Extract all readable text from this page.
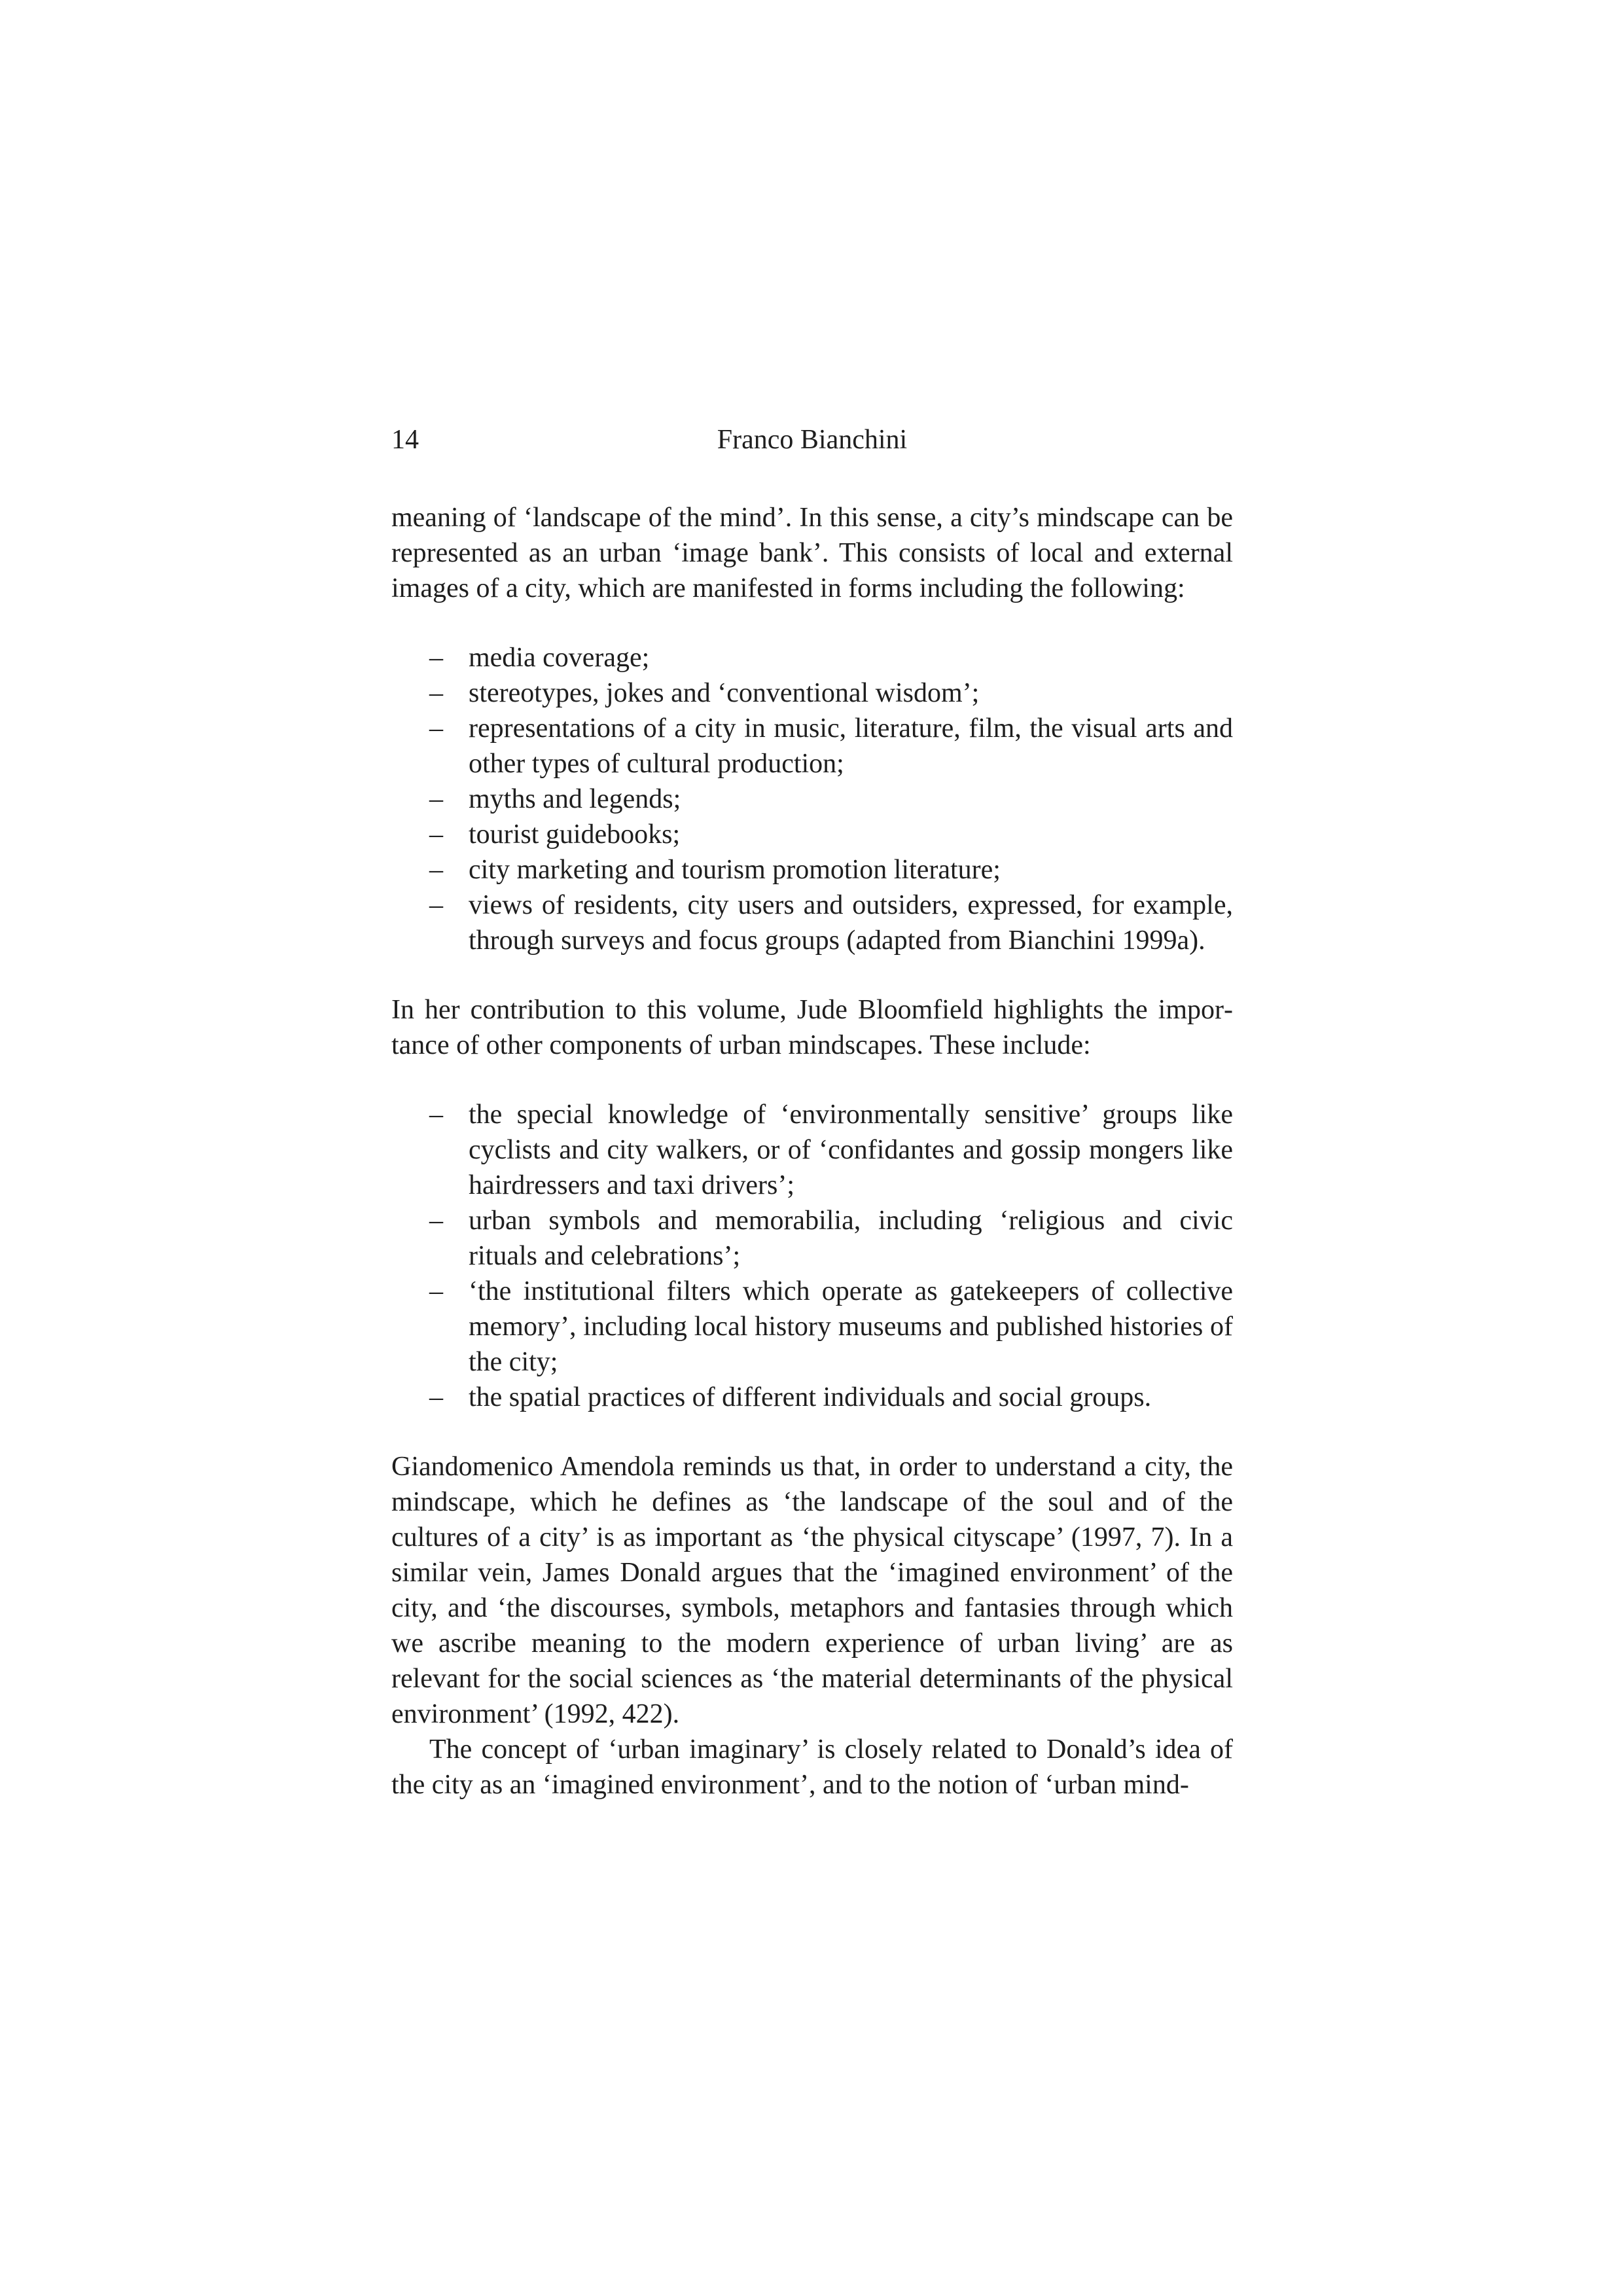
14	Franco Bianchini

meaning of ‘landscape of the mind’. In this sense, a city’s mindscape can be represented as an urban ‘image bank’. This consists of local and external images of a city, which are manifested in forms including the following:

– media coverage;
– stereotypes, jokes and ‘conventional wisdom’;
– representations of a city in music, literature, film, the visual arts and other types of cultural production;
– myths and legends;
– tourist guidebooks;
– city marketing and tourism promotion literature;
– views of residents, city users and outsiders, expressed, for example, through surveys and focus groups (adapted from Bianchini 1999a).

In her contribution to this volume, Jude Bloomfield highlights the importance of other components of urban mindscapes. These include:

– the special knowledge of ‘environmentally sensitive’ groups like cyclists and city walkers, or of ‘confidantes and gossip mongers like hairdressers and taxi drivers’;
– urban symbols and memorabilia, including ‘religious and civic rituals and celebrations’;
– ‘the institutional filters which operate as gatekeepers of collective memory’, including local history museums and published histories of the city;
– the spatial practices of different individuals and social groups.

Giandomenico Amendola reminds us that, in order to understand a city, the mindscape, which he defines as ‘the landscape of the soul and of the cultures of a city’ is as important as ‘the physical cityscape’ (1997, 7). In a similar vein, James Donald argues that the ‘imagined environment’ of the city, and ‘the discourses, symbols, metaphors and fantasies through which we ascribe meaning to the modern experience of urban living’ are as relevant for the social sciences as ‘the material determinants of the physical environment’ (1992, 422).

The concept of ‘urban imaginary’ is closely related to Donald’s idea of the city as an ‘imagined environment’, and to the notion of ‘urban mind-
